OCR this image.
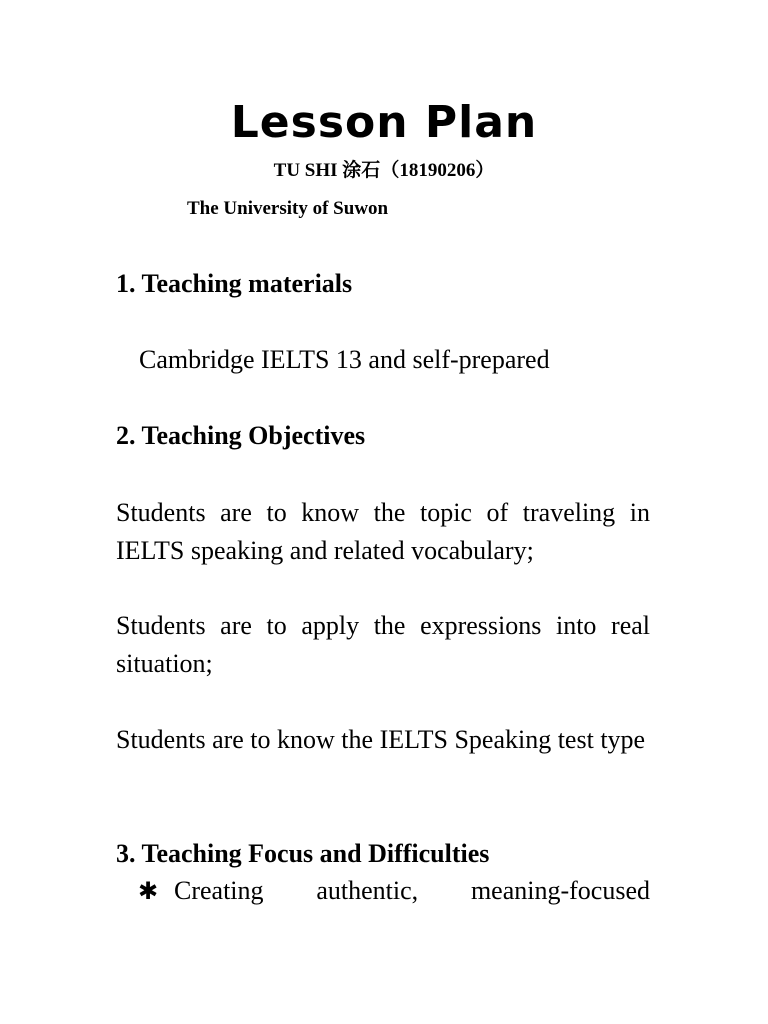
Lesson Plan
TU SHI 涂石（18190206）
The University of Suwon
1. Teaching materials
Cambridge IELTS 13 and self-prepared
2. Teaching Objectives
Students are to know the topic of traveling in IELTS speaking and related vocabulary;
Students are to apply the expressions into real situation;
Students are to know the IELTS Speaking test type
3. Teaching Focus and Difficulties
✱ Creating authentic, meaning-focused
